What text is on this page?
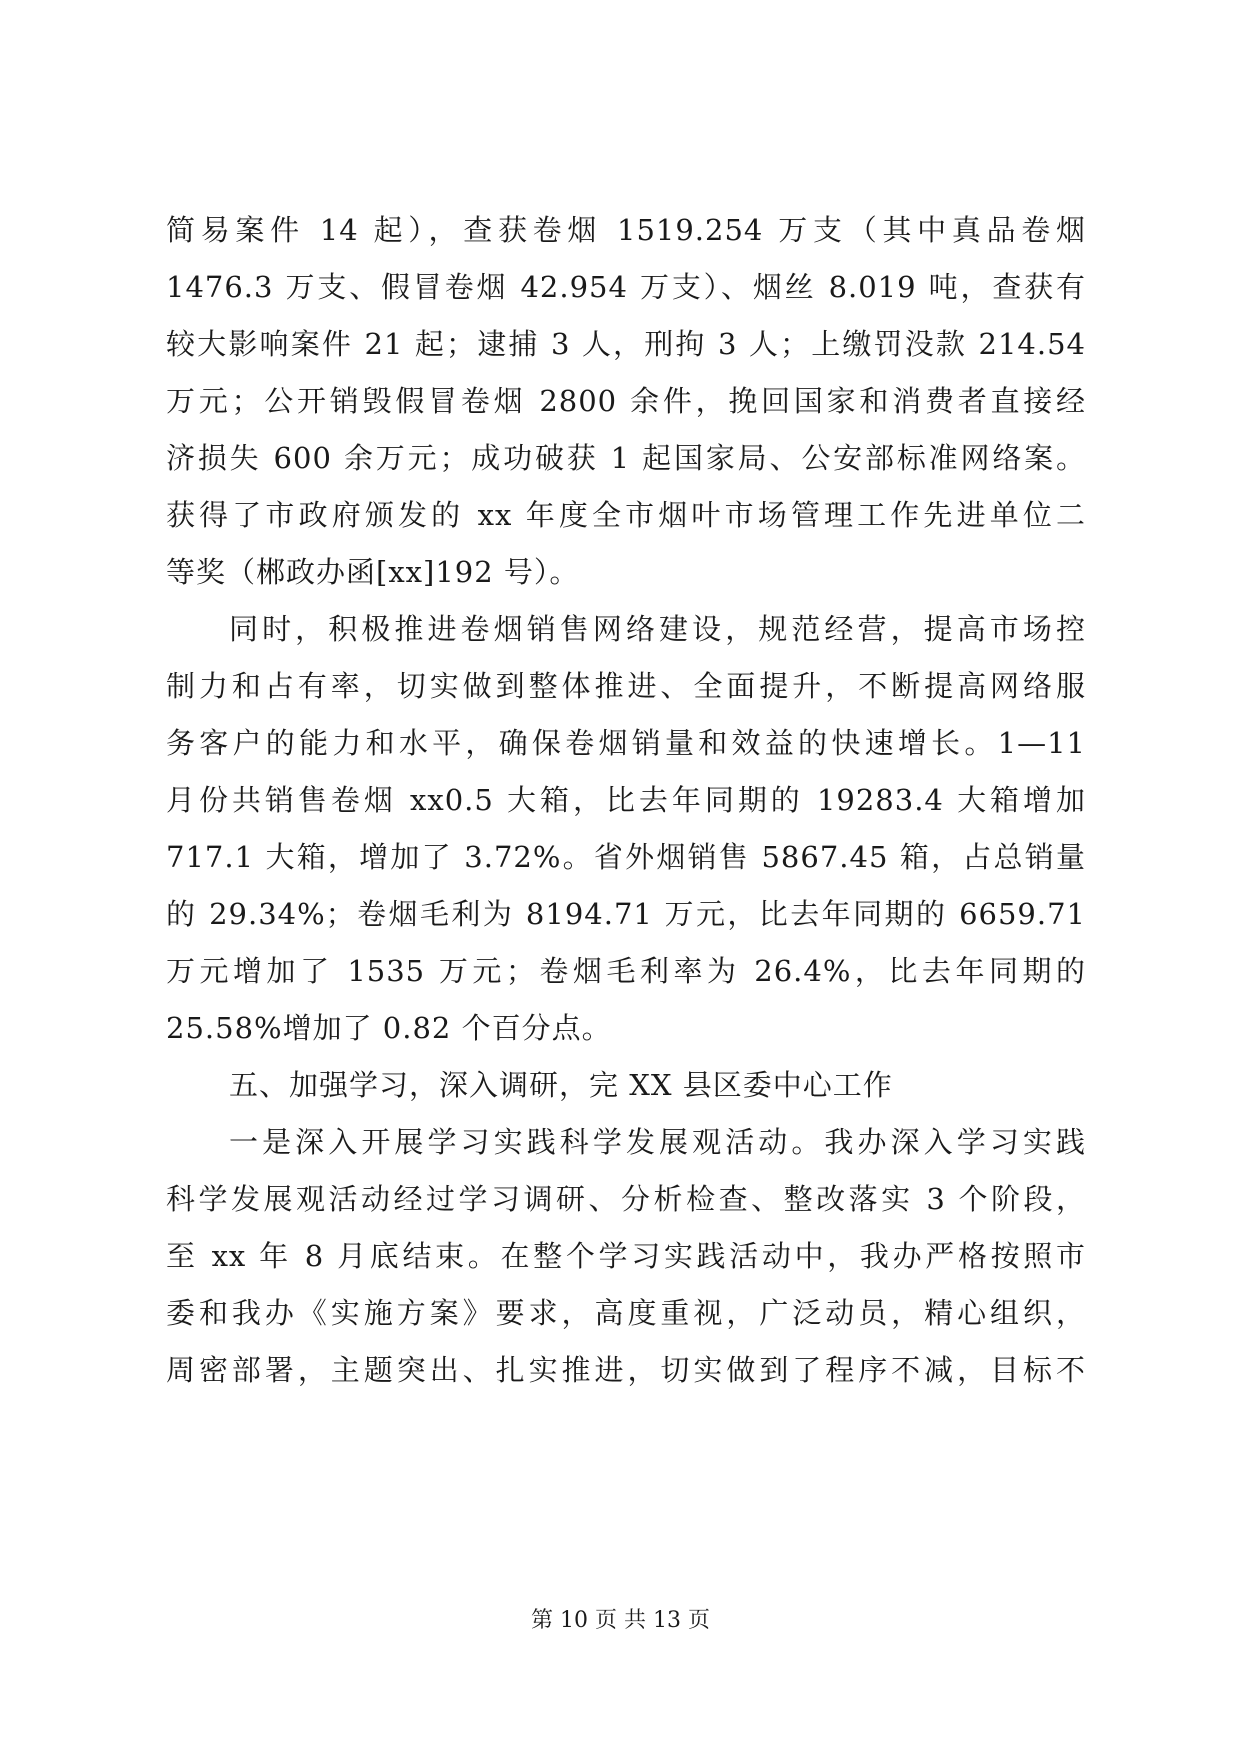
简易案件 14 起），查获卷烟 1519.254 万支（其中真品卷烟
1476.3 万支、假冒卷烟 42.954 万支）、烟丝 8.019 吨，查获有
较大影响案件 21 起；逮捕 3 人，刑拘 3 人；上缴罚没款 214.54
万元；公开销毁假冒卷烟 2800 余件，挽回国家和消费者直接经
济损失 600 余万元；成功破获 1 起国家局、公安部标准网络案。
获得了市政府颁发的 xx 年度全市烟叶市场管理工作先进单位二
等奖（郴政办函[xx]192 号）。
同时，积极推进卷烟销售网络建设，规范经营，提高市场控
制力和占有率，切实做到整体推进、全面提升，不断提高网络服
务客户的能力和水平，确保卷烟销量和效益的快速增长。1—11
月份共销售卷烟 xx0.5 大箱，比去年同期的 19283.4 大箱增加
717.1 大箱，增加了 3.72%。省外烟销售 5867.45 箱，占总销量
的 29.34%；卷烟毛利为 8194.71 万元，比去年同期的 6659.71
万元增加了 1535 万元；卷烟毛利率为 26.4%，比去年同期的
25.58%增加了 0.82 个百分点。
五、加强学习，深入调研，完 XX 县区委中心工作
一是深入开展学习实践科学发展观活动。我办深入学习实践
科学发展观活动经过学习调研、分析检查、整改落实 3 个阶段，
至 xx 年 8 月底结束。在整个学习实践活动中，我办严格按照市
委和我办《实施方案》要求，高度重视，广泛动员，精心组织，
周密部署，主题突出、扎实推进，切实做到了程序不减，目标不
第 10 页 共 13 页
